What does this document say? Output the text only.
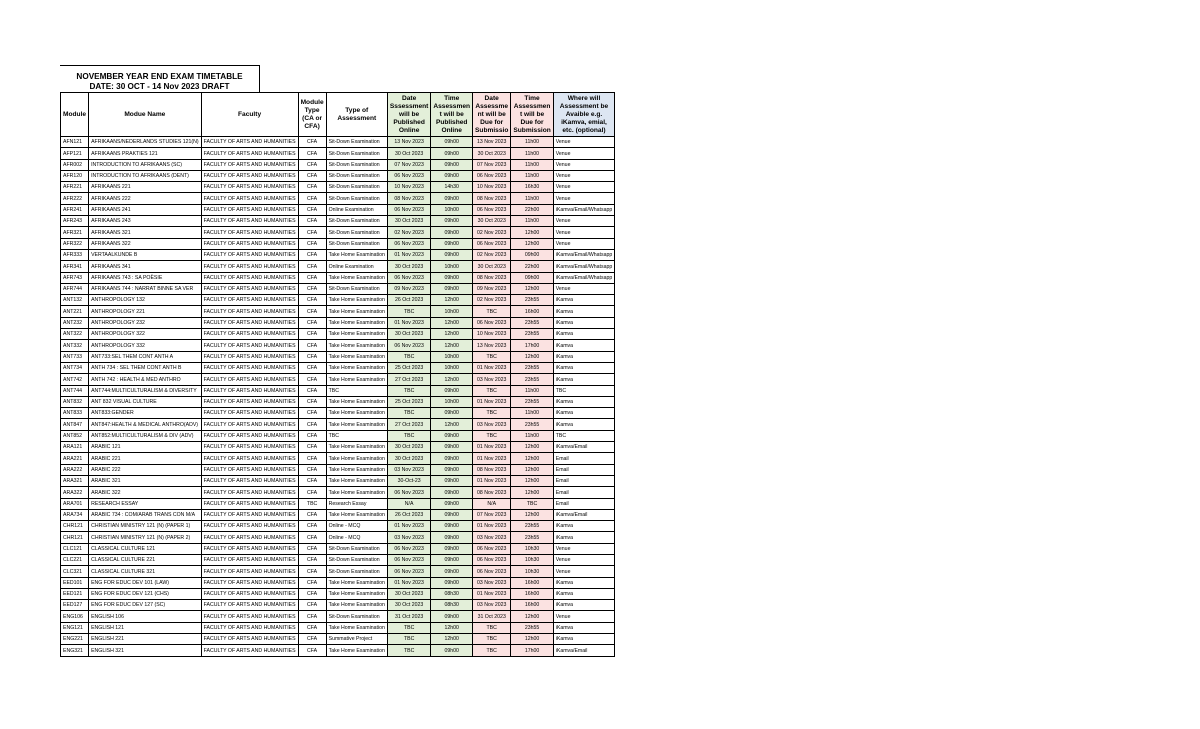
NOVEMBER YEAR END EXAM TIMETABLE
DATE: 30 OCT - 14 Nov 2023 DRAFT
Module	Modue Name	Faculty	Module Type (CA or CFA)	Type of Assessment	Date Sssessment will be Published Online	Time Assessmen t will be Published Online	Date Assessme nt will be Due for Submissio	Time Assessmen t will be Due for Submission	Where will Assessment be Avaible e.g. iKamva, emial, etc. (optional)
AFN121	AFRIKAANS/NEDERLANDS STUDIES 121(N)	FACULTY OF ARTS AND HUMANITIES	CFA	Sit-Down Examination	13 Nov 2023	09h00	13 Nov 2023	11h00	Venue
AFP121	AFRIKAANS PRAKTIES 121	FACULTY OF ARTS AND HUMANITIES	CFA	Sit-Down Examination	30 Oct 2023	09h00	30 Oct 2023	11h00	Venue
AFR002	INTRODUCTION TO AFRIKAANS (SC)	FACULTY OF ARTS AND HUMANITIES	CFA	Sit-Down Examination	07 Nov 2023	09h00	07 Nov 2023	11h00	Venue
AFR120	INTRODUCTION TO AFRIKAANS (DENT)	FACULTY OF ARTS AND HUMANITIES	CFA	Sit-Down Examination	06 Nov 2023	09h00	06 Nov 2023	11h00	Venue
AFR221	AFRIKAANS 221	FACULTY OF ARTS AND HUMANITIES	CFA	Sit-Down Examination	10 Nov 2023	14h30	10 Nov 2023	16h30	Venue
AFR222	AFRIKAANS 222	FACULTY OF ARTS AND HUMANITIES	CFA	Sit-Down Examination	08 Nov 2023	09h00	08 Nov 2023	11h00	Venue
AFR241	AFRIKAANS 241	FACULTY OF ARTS AND HUMANITIES	CFA	Online Examination	06 Nov 2023	10h00	06 Nov 2023	22h00	iKamva/Email/Whatsapp
AFR243	AFRIKAANS 243	FACULTY OF ARTS AND HUMANITIES	CFA	Sit-Down Examination	30 Oct 2023	09h00	30 Oct 2023	11h00	Venue
AFR321	AFRIKAANS 321	FACULTY OF ARTS AND HUMANITIES	CFA	Sit-Down Examination	02 Nov 2023	09h00	02 Nov 2023	12h00	Venue
AFR322	AFRIKAANS 322	FACULTY OF ARTS AND HUMANITIES	CFA	Sit-Down Examination	06 Nov 2023	09h00	06 Nov 2023	12h00	Venue
AFR333	VERTAALKUNDE B	FACULTY OF ARTS AND HUMANITIES	CFA	Take Home Examination	01 Nov 2023	09h00	02 Nov 2023	09h00	iKamva/Email/Whatsapp
AFR341	AFRIKAANS 341	FACULTY OF ARTS AND HUMANITIES	CFA	Online Examination	30 Oct 2023	10h00	30 Oct 2023	22h00	iKamva/Email/Whatsapp
AFR743	AFRIKAANS 743 : SA POËSIE	FACULTY OF ARTS AND HUMANITIES	CFA	Take Home Examination	06 Nov 2023	09h00	08 Nov 2023	09h00	iKamva/Email/Whatsapp
AFR744	AFRIKAANS 744 : NARRAT BINNE SA VER	FACULTY OF ARTS AND HUMANITIES	CFA	Sit-Down Examination	09 Nov 2023	09h00	09 Nov 2023	12h00	Venue
ANT132	ANTHROPOLOGY 132	FACULTY OF ARTS AND HUMANITIES	CFA	Take Home Examination	26 Oct 2023	12h00	02 Nov 2023	23h55	iKamva
ANT221	ANTHROPOLOGY 221	FACULTY OF ARTS AND HUMANITIES	CFA	Take Home Examination	TBC	10h00	TBC	16h00	iKamva
ANT232	ANTHROPOLOGY 232	FACULTY OF ARTS AND HUMANITIES	CFA	Take Home Examination	01 Nov 2023	12h00	06 Nov 2023	23h55	iKamva
ANT322	ANTHROPOLOGY 322	FACULTY OF ARTS AND HUMANITIES	CFA	Take Home Examination	30 Oct 2023	12h00	10 Nov 2023	23h55	iKamva
ANT332	ANTHROPOLOGY 332	FACULTY OF ARTS AND HUMANITIES	CFA	Take Home Examination	06 Nov 2023	12h00	13 Nov 2023	17h00	iKamva
ANT733	ANT733:SEL THEM CONT ANTH A	FACULTY OF ARTS AND HUMANITIES	CFA	Take Home Examination	TBC	10h00	TBC	12h00	iKamva
ANT734	ANTH 734 : SEL THEM CONT ANTH B	FACULTY OF ARTS AND HUMANITIES	CFA	Take Home Examination	25 Oct 2023	10h00	01 Nov 2023	23h55	iKamva
ANT742	ANTH 742 : HEALTH & MED ANTHRO	FACULTY OF ARTS AND HUMANITIES	CFA	Take Home Examination	27 Oct 2023	12h00	03 Nov 2023	23h55	iKamva
ANT744	ANT744:MULTICULTURALISM & DIVERSITY	FACULTY OF ARTS AND HUMANITIES	CFA	TBC	TBC	09h00	TBC	11h00	TBC
ANT832	ANT 832 VISUAL CULTURE	FACULTY OF ARTS AND HUMANITIES	CFA	Take Home Examination	25 Oct 2023	10h00	01 Nov 2023	23h55	iKamva
ANT833	ANT833:GENDER	FACULTY OF ARTS AND HUMANITIES	CFA	Take Home Examination	TBC	09h00	TBC	11h00	iKamva
ANT847	ANT847:HEALTH & MEDICAL ANTHRO(ADV)	FACULTY OF ARTS AND HUMANITIES	CFA	Take Home Examination	27 Oct 2023	12h00	03 Nov 2023	23h55	iKamva
ANT852	ANT852:MULTICULTURALISM & DIV (ADV)	FACULTY OF ARTS AND HUMANITIES	CFA	TBC	TBC	09h00	TBC	11h00	TBC
ARA121	ARABIC 121	FACULTY OF ARTS AND HUMANITIES	CFA	Take Home Examination	30 Oct 2023	09h00	01 Nov 2023	12h00	iKamva/Email
ARA221	ARABIC 221	FACULTY OF ARTS AND HUMANITIES	CFA	Take Home Examination	30 Oct 2023	09h00	01 Nov 2023	12h00	Email
ARA222	ARABIC 222	FACULTY OF ARTS AND HUMANITIES	CFA	Take Home Examination	03 Nov 2023	09h00	08 Nov 2023	12h00	Email
ARA321	ARABIC 321	FACULTY OF ARTS AND HUMANITIES	CFA	Take Home Examination	30-Oct-23	09h00	01 Nov 2023	12h00	Email
ARA322	ARABIC 322	FACULTY OF ARTS AND HUMANITIES	CFA	Take Home Examination	06 Nov 2023	09h00	08 Nov 2023	12h00	Email
ARA701	RESEARCH ESSAY	FACULTY OF ARTS AND HUMANITIES	TBC	Research Essay	N/A	09h00	N/A	TBC	Email
ARA734	ARABIC 734 : COM/ARAB TRANS CON M/A	FACULTY OF ARTS AND HUMANITIES	CFA	Take Home Examination	26 Oct 2023	09h00	07 Nov 2023	12h00	iKamva/Email
CHR121	CHRISTIAN MINISTRY 121 (N) (PAPER 1)	FACULTY OF ARTS AND HUMANITIES	CFA	Online - MCQ	01 Nov 2023	09h00	01 Nov 2023	23h55	iKamva
CHR121	CHRISTIAN MINISTRY 121 (N) (PAPER 2)	FACULTY OF ARTS AND HUMANITIES	CFA	Online - MCQ	03 Nov 2023	09h00	03 Nov 2023	23h55	iKamva
CLC121	CLASSICAL CULTURE 121	FACULTY OF ARTS AND HUMANITIES	CFA	Sit-Down Examination	06 Nov 2023	09h00	06 Nov 2023	10h30	Venue
CLC221	CLASSICAL CULTURE 221	FACULTY OF ARTS AND HUMANITIES	CFA	Sit-Down Examination	06 Nov 2023	09h00	06 Nov 2023	10h30	Venue
CLC321	CLASSICAL CULTURE 321	FACULTY OF ARTS AND HUMANITIES	CFA	Sit-Down Examination	06 Nov 2023	09h00	06 Nov 2023	10h30	Venue
EED101	ENG FOR EDUC DEV 101 (LAW)	FACULTY OF ARTS AND HUMANITIES	CFA	Take Home Examination	01 Nov 2023	09h00	03 Nov 2023	16h00	iKamva
EED121	ENG FOR EDUC DEV 121 (CHS)	FACULTY OF ARTS AND HUMANITIES	CFA	Take Home Examination	30 Oct 2023	08h30	01 Nov 2023	16h00	iKamva
EED127	ENG FOR EDUC DEV 127 (SC)	FACULTY OF ARTS AND HUMANITIES	CFA	Take Home Examination	30 Oct 2023	08h30	03 Nov 2023	16h00	iKamva
ENG106	ENGLISH 106	FACULTY OF ARTS AND HUMANITIES	CFA	Sit-Down Examination	31 Oct 2023	09h00	31 Oct 2023	12h00	Venue
ENG121	ENGLISH 121	FACULTY OF ARTS AND HUMANITIES	CFA	Take Home Examination	TBC	12h00	TBC	23h55	iKamva
ENG221	ENGLISH 221	FACULTY OF ARTS AND HUMANITIES	CFA	Summative Project	TBC	12h00	TBC	12h00	iKamva
ENG321	ENGLISH 321	FACULTY OF ARTS AND HUMANITIES	CFA	Take Home Examination	TBC	09h00	TBC	17h00	iKamva/Email
